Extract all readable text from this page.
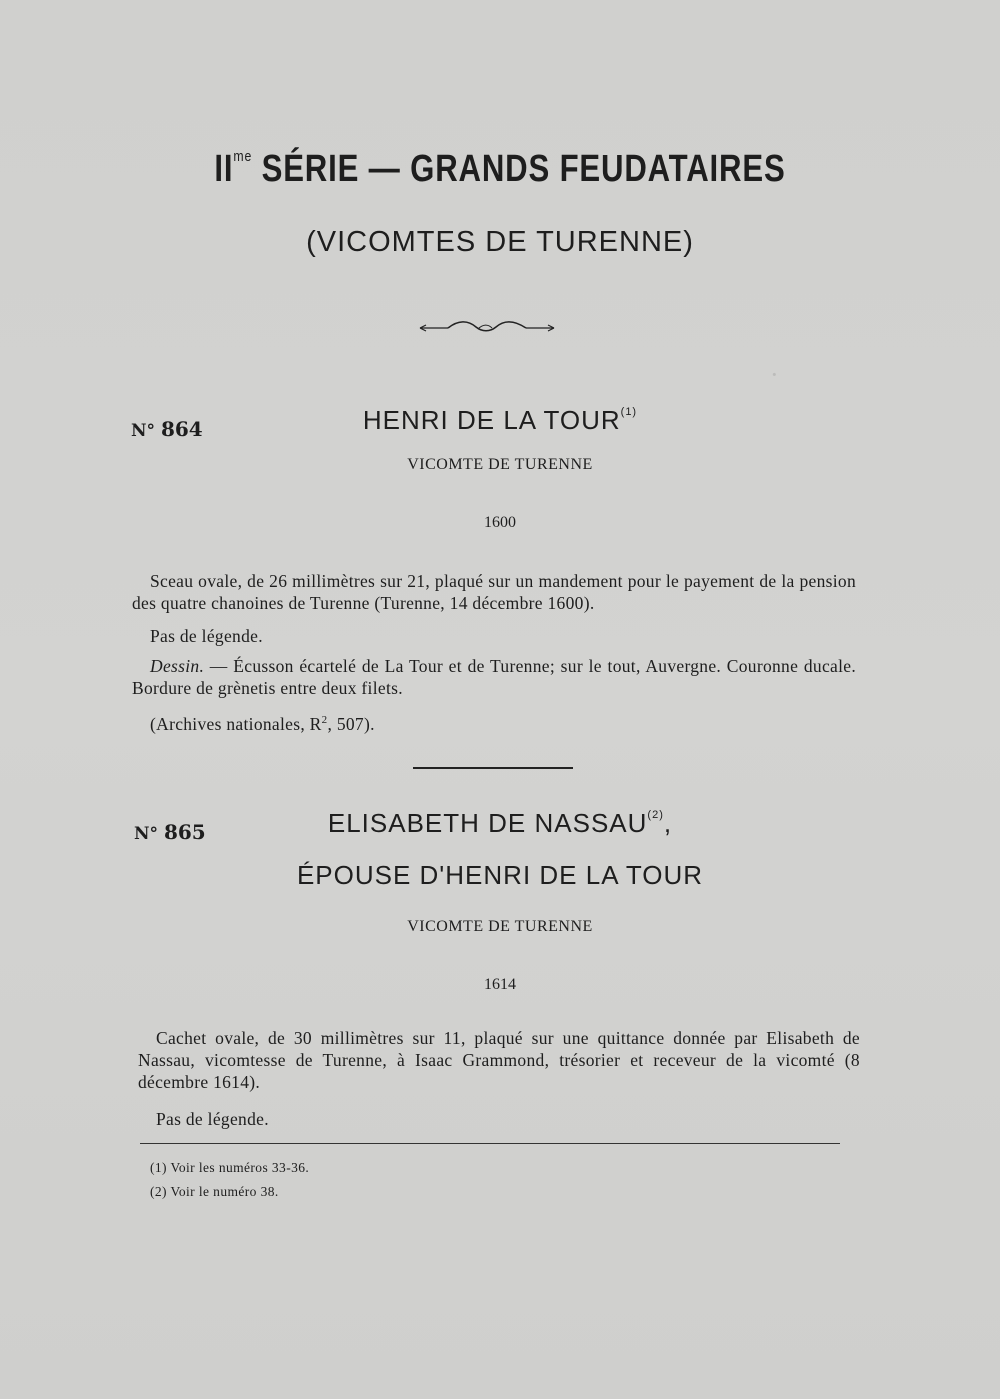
·
$II^{me}$ SÉRIE — GRANDS FEUDATAIRES
(VICOMTES DE TURENNE)
N° 864	HENRI DE LA TOUR$^{(1)}$
VICOMTE DE TURENNE
1600
Sceau ovale, de 26 millimètres sur 21, plaqué sur un mandement pour le payement de la pension des quatre chanoines de Turenne (Turenne, 14 décembre 1600).
Pas de légende.
Dessin. — Écusson écartelé de La Tour et de Turenne; sur le tout, Auvergne. Couronne ducale. Bordure de grènetis entre deux filets.
(Archives nationales, $R^2$, 507).
N° 865	ELISABETH DE NASSAU$^{(2)}$,
ÉPOUSE D'HENRI DE LA TOUR
VICOMTE DE TURENNE
1614
Cachet ovale, de 30 millimètres sur 11, plaqué sur une quittance donnée par Elisabeth de Nassau, vicomtesse de Turenne, à Isaac Grammond, trésorier et receveur de la vicomté (8 décembre 1614).
Pas de légende.
(1) Voir les numéros 33-36.
(2) Voir le numéro 38.
